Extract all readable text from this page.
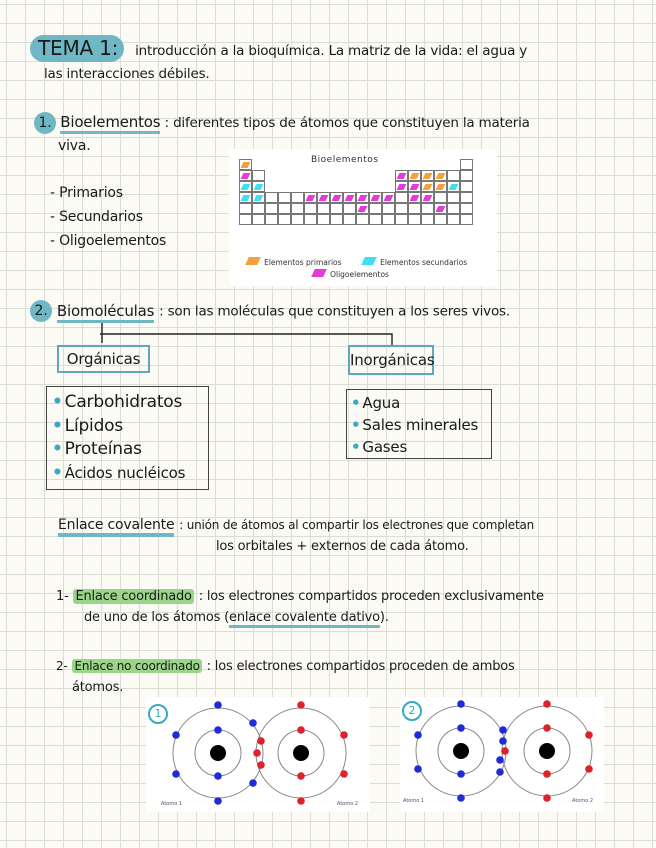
TEMA 1: introducción a la bioquímica. La matriz de la vida: el agua y
las interacciones débiles.
1. Bioelementos : diferentes tipos de átomos que constituyen la materia
viva.
- Primarios
- Secundarios
- Oligoelementos
Bioelementos
Elementos primarios	Elementos secundarios
Oligoelementos
2. Biomoléculas : son las moléculas que constituyen a los seres vivos.
Orgánicas	Inorgánicas
• Carbohidratos
• Lípidos
• Proteínas
• Ácidos nucléicos
• Agua
• Sales minerales
• Gases
Enlace covalente : unión de átomos al compartir los electrones que completan
los orbitales + externos de cada átomo.
1- Enlace coordinado : los electrones compartidos proceden exclusivamente
de uno de los átomos (enlace covalente dativo).
2- Enlace no coordinado : los electrones compartidos proceden de ambos
átomos.
1
Atomo 1	Atomo 2
2
Atomo 1	Atomo 2
